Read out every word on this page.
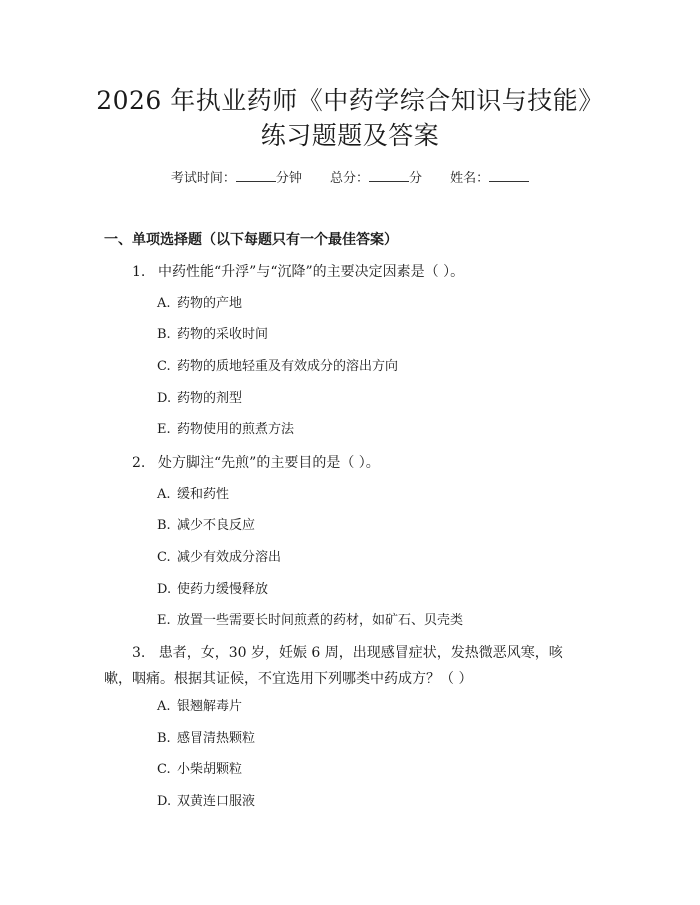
2026 年执业药师《中药学综合知识与技能》
练习题题及答案
考试时间：	分钟 总分：	分 姓名：
一、单项选择题（以下每题只有一个最佳答案）
1. 中药性能“升浮”与“沉降”的主要决定因素是（ ）。
A. 药物的产地
B. 药物的采收时间
C. 药物的质地轻重及有效成分的溶出方向
D. 药物的剂型
E. 药物使用的煎煮方法
2. 处方脚注“先煎”的主要目的是（ ）。
A. 缓和药性
B. 减少不良反应
C. 减少有效成分溶出
D. 使药力缓慢释放
E. 放置一些需要长时间煎煮的药材，如矿石、贝壳类
3. 患者，女，30 岁，妊娠 6 周，出现感冒症状，发热微恶风寒，咳嗽，咽痛。根据其证候，不宜选用下列哪类中药成方？（ ）
A. 银翘解毒片
B. 感冒清热颗粒
C. 小柴胡颗粒
D. 双黄连口服液
